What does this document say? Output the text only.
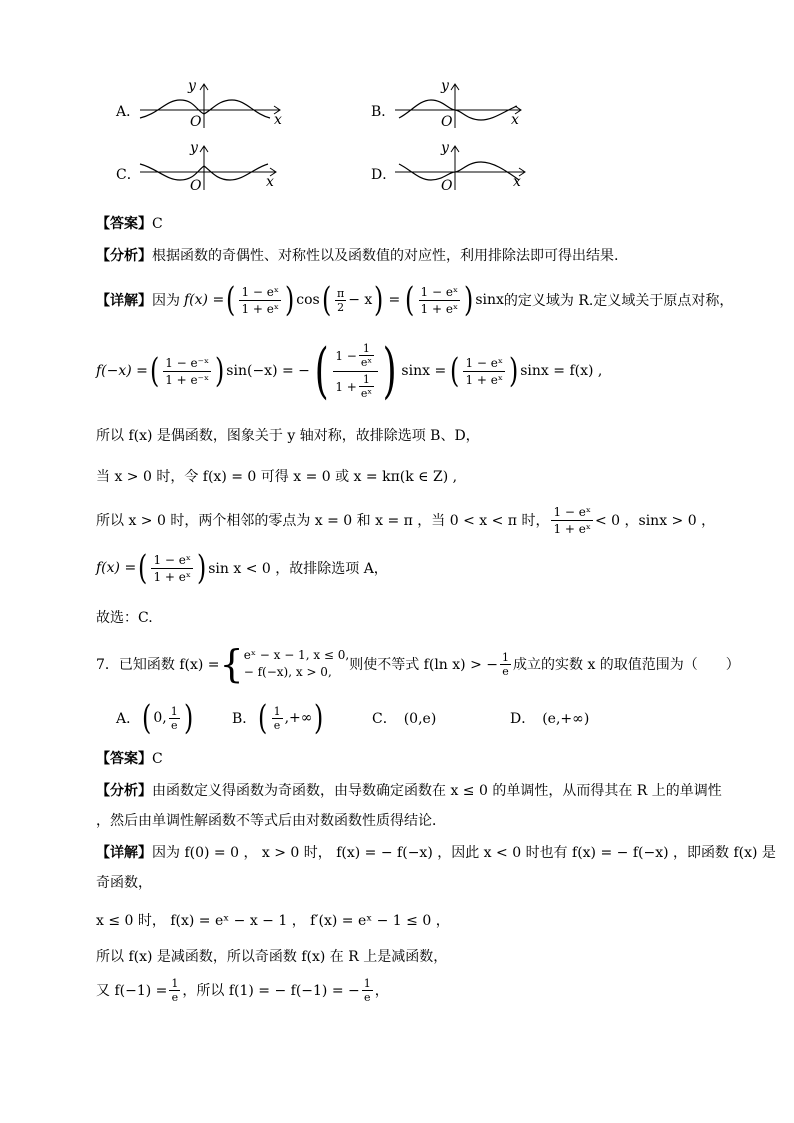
A．
y
O	x	B．
y
O	x
C．
y
O	x	D．
y
O	x
【答案】C
【分析】根据函数的奇偶性、对称性以及函数值的对应性，利用排除法即可得出结果.
【详解】 因为 f(x) = ( $\frac{\text{1 − eˣ}}{\text{1 + eˣ}}$ ) cos ( $\frac{\pi}{2} - x$ ) = ( $\frac{\text{1 − eˣ}}{\text{1 + eˣ}}$ ) sinx 的定义域为 R.定义域关于原点对称，
f(−x) = ( $\frac{\text{1 − e⁻ˣ}}{\text{1 + e⁻ˣ}}$ ) sin(−x) = − ( $\frac{1 - \frac{1}{\text{eˣ}}}{1 + \frac{1}{\text{eˣ}}}$ ) sinx = ( $\frac{\text{1 − eˣ}}{\text{1 + eˣ}}$ ) sinx = f(x) ,
所以 f(x) 是偶函数，图象关于 y 轴对称，故排除选项 B、D，
当 x > 0 时，令 f(x) = 0 可得 x = 0 或 x = kπ(k ∈ Z) ,
所以 x > 0 时，两个相邻的零点为 x = 0 和 x = π ，当 0 < x < π 时， $\frac{\text{1 − eˣ}}{\text{1 + eˣ}} < 0$ ，sinx > 0 ，
f(x) = ( $\frac{\text{1 − eˣ}}{\text{1 + eˣ}}$ ) sin x < 0 ，故排除选项 A，
故选：C.
7．已知函数 f(x) = { eˣ − x − 1, x ≤ 0,
− f(−x), x > 0,	则使不等式 f(ln x) > − $\frac{1}{e}$ 成立的实数 x 的取值范围为（　　）
A． ( 0, $\frac{1}{e}$ )	B． ( $\frac{1}{e}$ ,+∞ )	C．　(0,e)	D．　(e,+∞)
【答案】C
【分析】由函数定义得函数为奇函数，由导数确定函数在 x ≤ 0 的单调性，从而得其在 R 上的单调性
，然后由单调性解函数不等式后由对数函数性质得结论．
【详解】因为 f(0) = 0 ， x > 0 时， f(x) = − f(−x) ，因此 x < 0 时也有 f(x) = − f(−x) ，即函数 f(x) 是
奇函数，
x ≤ 0 时， f(x) = eˣ − x − 1 ， f′(x) = eˣ − 1 ≤ 0 ，
所以 f(x) 是减函数，所以奇函数 f(x) 在 R 上是减函数，
又 $f(-1) = \frac{1}{e}$ ，所以 f(1) = − f(−1) = − $\frac{1}{e}$ ，
